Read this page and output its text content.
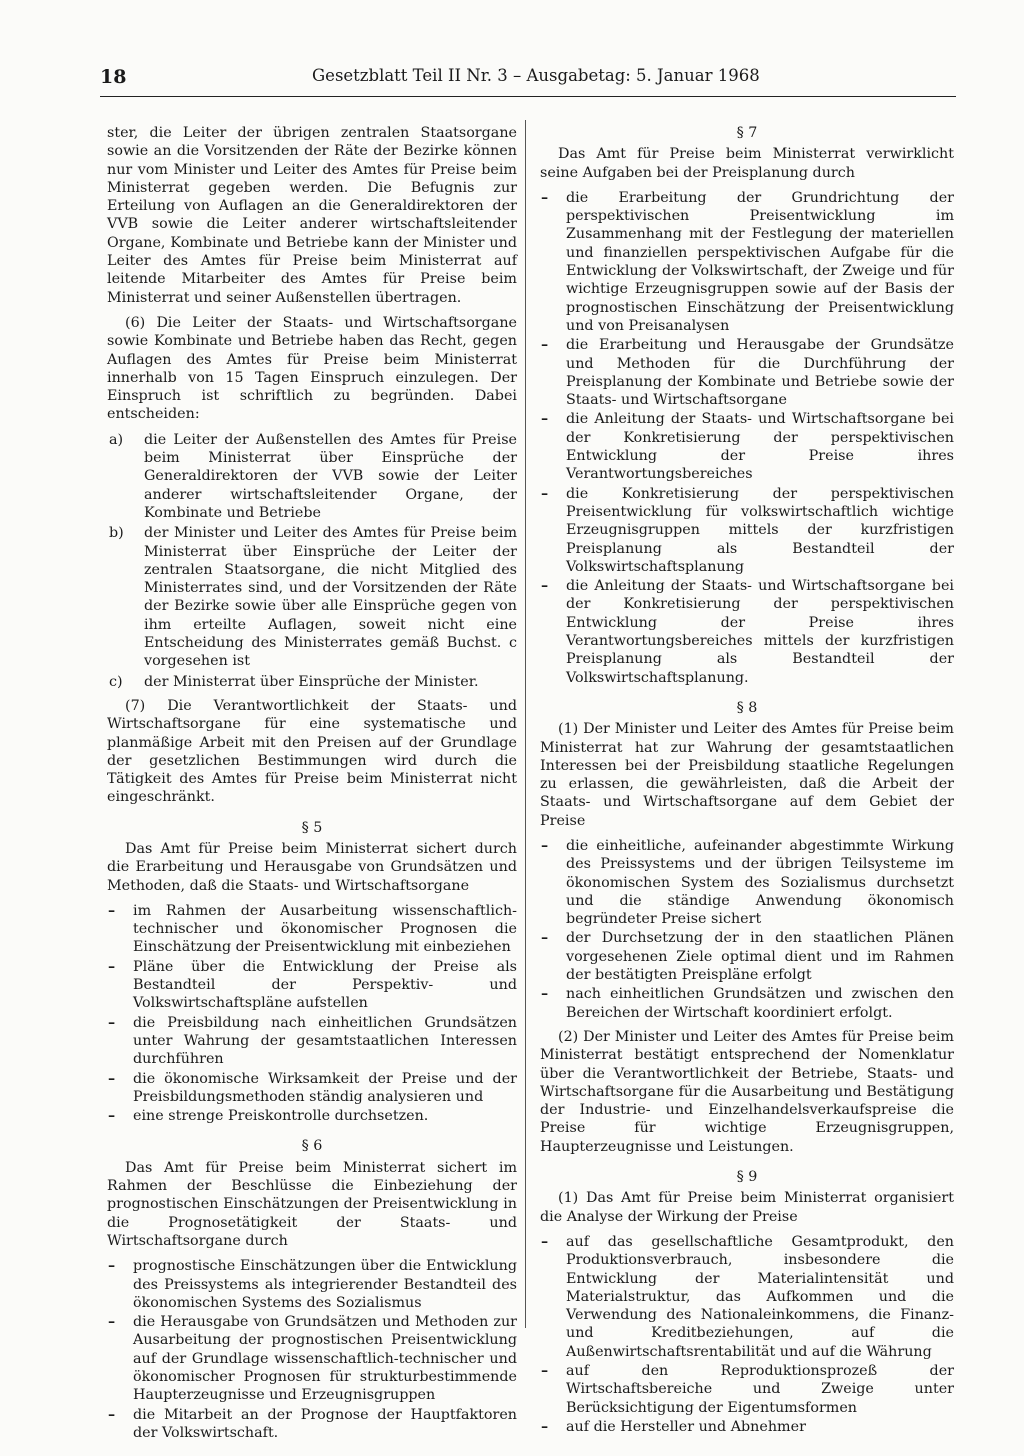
18	Gesetzblatt Teil II Nr. 3 – Ausgabetag: 5. Januar 1968

ster, die Leiter der übrigen zentralen Staatsorgane sowie an die Vorsitzenden der Räte der Bezirke können nur vom Minister und Leiter des Amtes für Preise beim Ministerrat gegeben werden. Die Befugnis zur Erteilung von Auflagen an die Generaldirektoren der VVB sowie die Leiter anderer wirtschaftsleitender Organe, Kombinate und Betriebe kann der Minister und Leiter des Amtes für Preise beim Ministerrat auf leitende Mitarbeiter des Amtes für Preise beim Ministerrat und seiner Außenstellen übertragen.

(6) Die Leiter der Staats- und Wirtschaftsorgane sowie Kombinate und Betriebe haben das Recht, gegen Auflagen des Amtes für Preise beim Ministerrat innerhalb von 15 Tagen Einspruch einzulegen. Der Einspruch ist schriftlich zu begründen. Dabei entscheiden:

a) die Leiter der Außenstellen des Amtes für Preise beim Ministerrat über Einsprüche der Generaldirektoren der VVB sowie der Leiter anderer wirtschaftsleitender Organe, der Kombinate und Betriebe
b) der Minister und Leiter des Amtes für Preise beim Ministerrat über Einsprüche der Leiter der zentralen Staatsorgane, die nicht Mitglied des Ministerrates sind, und der Vorsitzenden der Räte der Bezirke sowie über alle Einsprüche gegen von ihm erteilte Auflagen, soweit nicht eine Entscheidung des Ministerrates gemäß Buchst. c vorgesehen ist
c) der Ministerrat über Einsprüche der Minister.

(7) Die Verantwortlichkeit der Staats- und Wirtschaftsorgane für eine systematische und planmäßige Arbeit mit den Preisen auf der Grundlage der gesetzlichen Bestimmungen wird durch die Tätigkeit des Amtes für Preise beim Ministerrat nicht eingeschränkt.

§ 5

Das Amt für Preise beim Ministerrat sichert durch die Erarbeitung und Herausgabe von Grundsätzen und Methoden, daß die Staats- und Wirtschaftsorgane

– im Rahmen der Ausarbeitung wissenschaftlich-technischer und ökonomischer Prognosen die Einschätzung der Preisentwicklung mit einbeziehen
– Pläne über die Entwicklung der Preise als Bestandteil der Perspektiv- und Volkswirtschaftspläne aufstellen
– die Preisbildung nach einheitlichen Grundsätzen unter Wahrung der gesamtstaatlichen Interessen durchführen
– die ökonomische Wirksamkeit der Preise und der Preisbildungsmethoden ständig analysieren und
– eine strenge Preiskontrolle durchsetzen.
§ 6

Das Amt für Preise beim Ministerrat sichert im Rahmen der Beschlüsse die Einbeziehung der prognostischen Einschätzungen der Preisentwicklung in die Prognosetätigkeit der Staats- und Wirtschaftsorgane durch

– prognostische Einschätzungen über die Entwicklung des Preissystems als integrierender Bestandteil des ökonomischen Systems des Sozialismus
– die Herausgabe von Grundsätzen und Methoden zur Ausarbeitung der prognostischen Preisentwicklung auf der Grundlage wissenschaftlich-technischer und ökonomischer Prognosen für strukturbestimmende Haupterzeugnisse und Erzeugnisgruppen
– die Mitarbeit an der Prognose der Hauptfaktoren der Volkswirtschaft.
§ 7

Das Amt für Preise beim Ministerrat verwirklicht seine Aufgaben bei der Preisplanung durch

– die Erarbeitung der Grundrichtung der perspektivischen Preisentwicklung im Zusammenhang mit der Festlegung der materiellen und finanziellen perspektivischen Aufgabe für die Entwicklung der Volkswirtschaft, der Zweige und für wichtige Erzeugnisgruppen sowie auf der Basis der prognostischen Einschätzung der Preisentwicklung und von Preisanalysen
– die Erarbeitung und Herausgabe der Grundsätze und Methoden für die Durchführung der Preisplanung der Kombinate und Betriebe sowie der Staats- und Wirtschaftsorgane
– die Anleitung der Staats- und Wirtschaftsorgane bei der Konkretisierung der perspektivischen Entwicklung der Preise ihres Verantwortungsbereiches
– die Konkretisierung der perspektivischen Preisentwicklung für volkswirtschaftlich wichtige Erzeugnisgruppen mittels der kurzfristigen Preisplanung als Bestandteil der Volkswirtschaftsplanung
– die Anleitung der Staats- und Wirtschaftsorgane bei der Konkretisierung der perspektivischen Entwicklung der Preise ihres Verantwortungsbereiches mittels der kurzfristigen Preisplanung als Bestandteil der Volkswirtschaftsplanung.
§ 8

(1) Der Minister und Leiter des Amtes für Preise beim Ministerrat hat zur Wahrung der gesamtstaatlichen Interessen bei der Preisbildung staatliche Regelungen zu erlassen, die gewährleisten, daß die Arbeit der Staats- und Wirtschaftsorgane auf dem Gebiet der Preise

– die einheitliche, aufeinander abgestimmte Wirkung des Preissystems und der übrigen Teilsysteme im ökonomischen System des Sozialismus durchsetzt und die ständige Anwendung ökonomisch begründeter Preise sichert
– der Durchsetzung der in den staatlichen Plänen vorgesehenen Ziele optimal dient und im Rahmen der bestätigten Preispläne erfolgt
– nach einheitlichen Grundsätzen und zwischen den Bereichen der Wirtschaft koordiniert erfolgt.

(2) Der Minister und Leiter des Amtes für Preise beim Ministerrat bestätigt entsprechend der Nomenklatur über die Verantwortlichkeit der Betriebe, Staats- und Wirtschaftsorgane für die Ausarbeitung und Bestätigung der Industrie- und Einzelhandelsverkaufspreise die Preise für wichtige Erzeugnisgruppen, Haupterzeugnisse und Leistungen.

§ 9

(1) Das Amt für Preise beim Ministerrat organisiert die Analyse der Wirkung der Preise

– auf das gesellschaftliche Gesamtprodukt, den Produktionsverbrauch, insbesondere die Entwicklung der Materialintensität und Materialstruktur, das Aufkommen und die Verwendung des Nationaleinkommens, die Finanz- und Kreditbeziehungen, auf die Außenwirtschaftsrentabilität und auf die Währung
– auf den Reproduktionsprozeß der Wirtschaftsbereiche und Zweige unter Berücksichtigung der Eigentumsformen
– auf die Hersteller und Abnehmer
